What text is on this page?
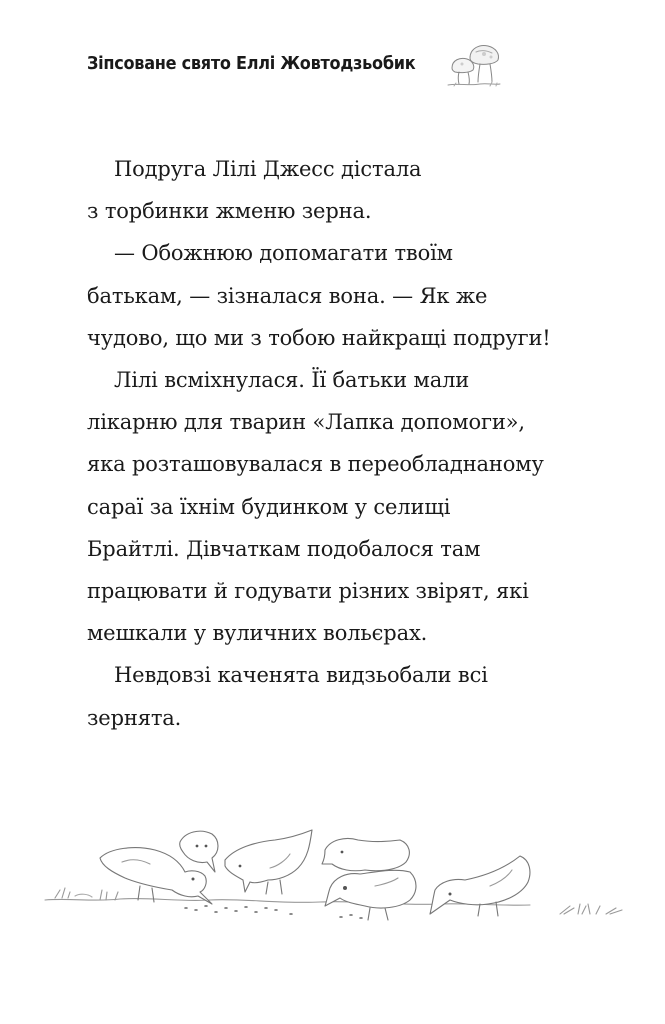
Зіпсоване свято Еллі Жовтодзьобик
Подруга Лілі Джесс дістала
з торбинки жменю зерна.
— Обожнюю допомагати твоїм
батькам, — зізналася вона. — Як же
чудово, що ми з тобою найкращі подруги!
Лілі всміхнулася. Її батьки мали
лікарню для тварин «Лапка допомоги»,
яка розташовувалася в переобладнаному
сараї за їхнім будинком у селищі
Брайтлі. Дівчаткам подобалося там
працювати й годувати різних звірят, які
мешкали у вуличних вольєрах.
Невдовзі каченята видзьобали всі
зернята.
